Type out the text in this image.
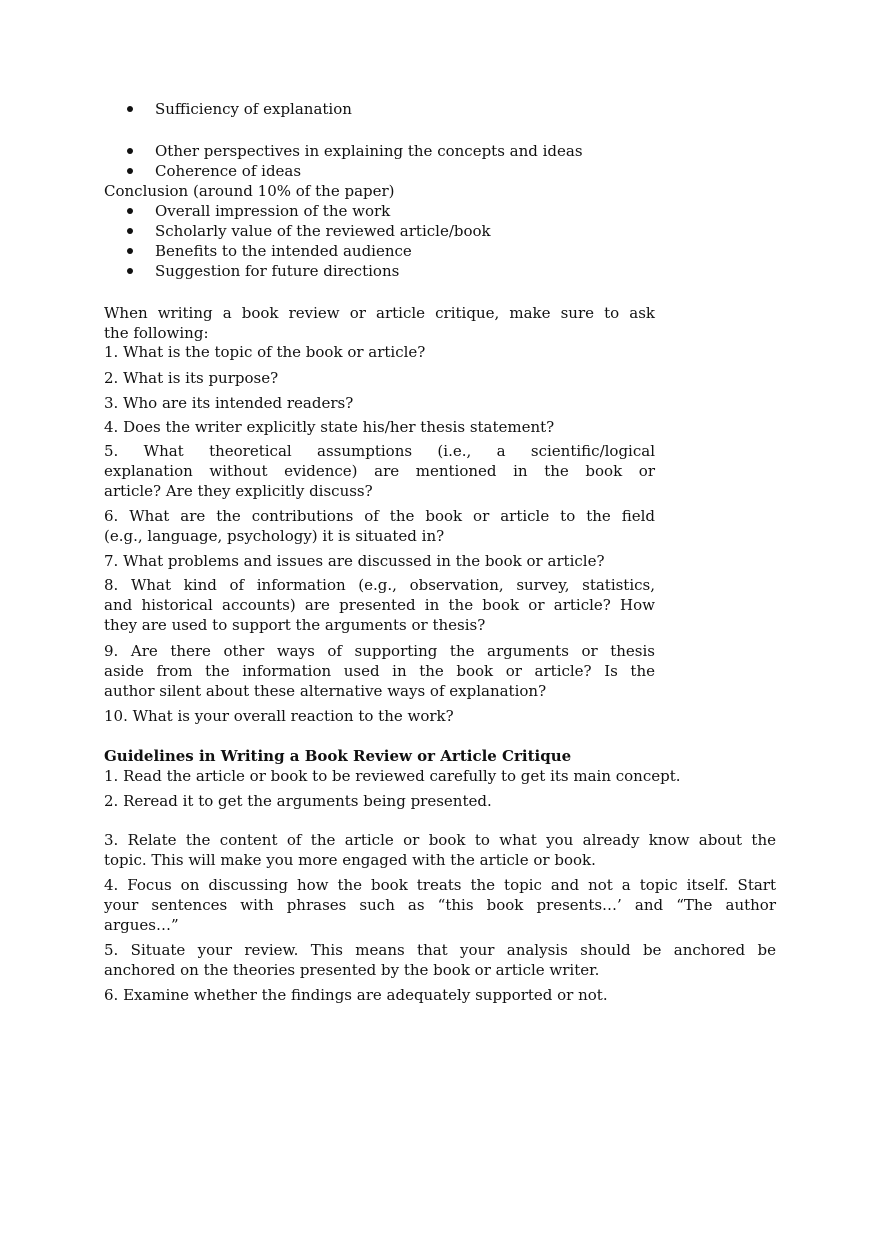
Sufficiency of explanation
Other perspectives in explaining the concepts and ideas
Coherence of ideas
Conclusion (around 10% of the paper)
Overall impression of the work
Scholarly value of the reviewed article/book
Benefits to the intended audience
Suggestion for future directions
When writing a book review or article critique, make sure to ask
the following:
1. What is the topic of the book or article?
2. What is its purpose?
3. Who are its intended readers?
4. Does the writer explicitly state his/her thesis statement?
5. What theoretical assumptions (i.e., a scientific/logical
explanation without evidence) are mentioned in the book or
article? Are they explicitly discuss?
6. What are the contributions of the book or article to the field
(e.g., language, psychology) it is situated in?
7. What problems and issues are discussed in the book or article?
8. What kind of information (e.g., observation, survey, statistics,
and historical accounts) are presented in the book or article? How
they are used to support the arguments or thesis?
9. Are there other ways of supporting the arguments or thesis
aside from the information used in the book or article? Is the
author silent about these alternative ways of explanation?
10. What is your overall reaction to the work?
Guidelines in Writing a Book Review or Article Critique
1. Read the article or book to be reviewed carefully to get its main concept.
2. Reread it to get the arguments being presented.
3. Relate the content of the article or book to what you already know about the
topic. This will make you more engaged with the article or book.
4. Focus on discussing how the book treats the topic and not a topic itself. Start
your sentences with phrases such as “this book presents…’ and “The author
argues…”
5. Situate your review. This means that your analysis should be anchored be
anchored on the theories presented by the book or article writer.
6. Examine whether the findings are adequately supported or not.
